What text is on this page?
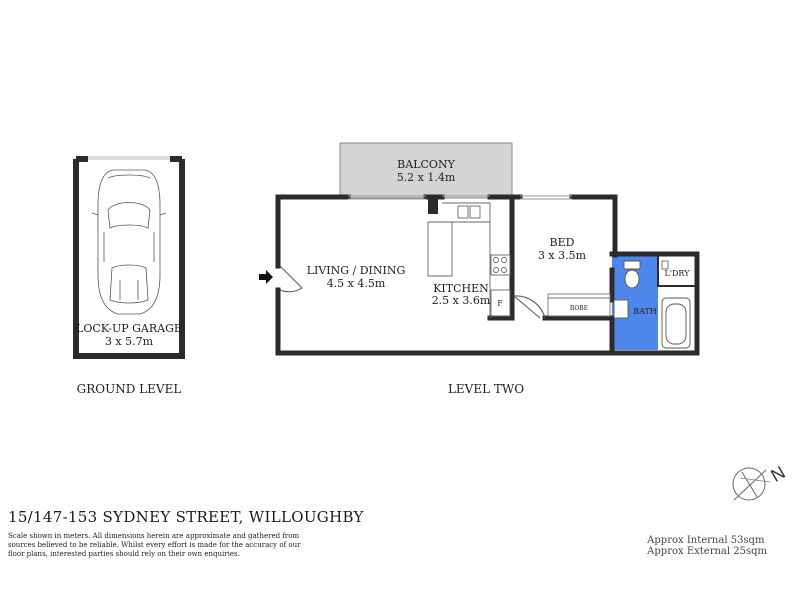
LOCK-UP GARAGE
3 x 5.7m
GROUND LEVEL
BALCONY
5.2 x 1.4m
F
ROBE
LIVING / DINING
4.5 x 4.5m	KITCHEN
2.5 x 3.6m
BED
3 x 3.5m
BATH
L'DRY
LEVEL TWO
N
15/147-153 SYDNEY STREET, WILLOUGHBY
Scale shown in meters. All dimensions herein are approximate and gathered from sources believed to be reliable. Whilst every effort is made for the accuracy of our floor plans, interested parties should rely on their own enquiries.
Approx Internal 53sqm
Approx External 25sqm
